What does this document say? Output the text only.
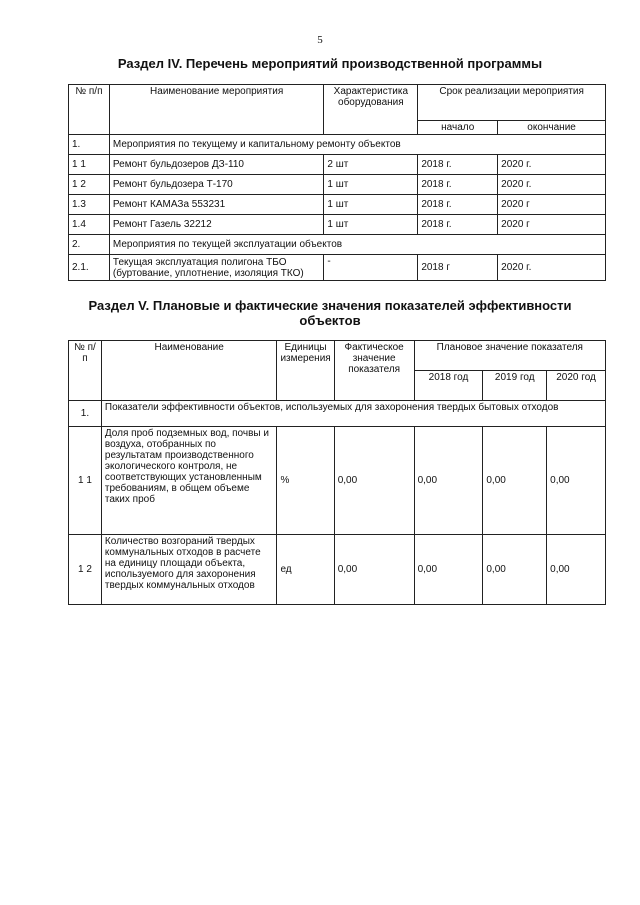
5
Раздел IV. Перечень мероприятий производственной программы
№ п/п	Наименование мероприятия	Характеристика оборудования	Срок реализации мероприятия	
			начало	окончание
1.	Мероприятия по текущему и капитальному ремонту объектов			
1 1	Ремонт бульдозеров ДЗ-110	2 шт	2018 г.	2020 г.
1 2	Ремонт бульдозера Т-170	1 шт	2018 г.	2020 г.
1.3	Ремонт КАМАЗа 553231	1 шт	2018 г.	2020 г
1.4	Ремонт Газель 32212	1 шт	2018 г.	2020 г
2.	Мероприятия по текущей эксплуатации объектов			
2.1.	Текущая эксплуатация полигона ТБО (буртование, уплотнение, изоляция ТКО)	-	2018 г	2020 г.
Раздел V. Плановые и фактические значения показателей эффективности объектов
№ п/п	Наименование	Единицы измерения	Фактическое значение показателя	Плановое значение показателя		
				2018 год	2019 год	2020 год
1.	Показатели эффективности объектов, используемых для захоронения твердых бытовых отходов					
1 1	Доля проб подземных вод, почвы и воздуха, отобранных по результатам производственного экологического контроля, не соответствующих установленным требованиям, в общем объеме таких проб	%	0,00	0,00	0,00	0,00
1 2	Количество возгораний твердых коммунальных отходов в расчете на единицу площади объекта, используемого для захоронения твердых коммунальных отходов	ед	0,00	0,00	0,00	0,00
